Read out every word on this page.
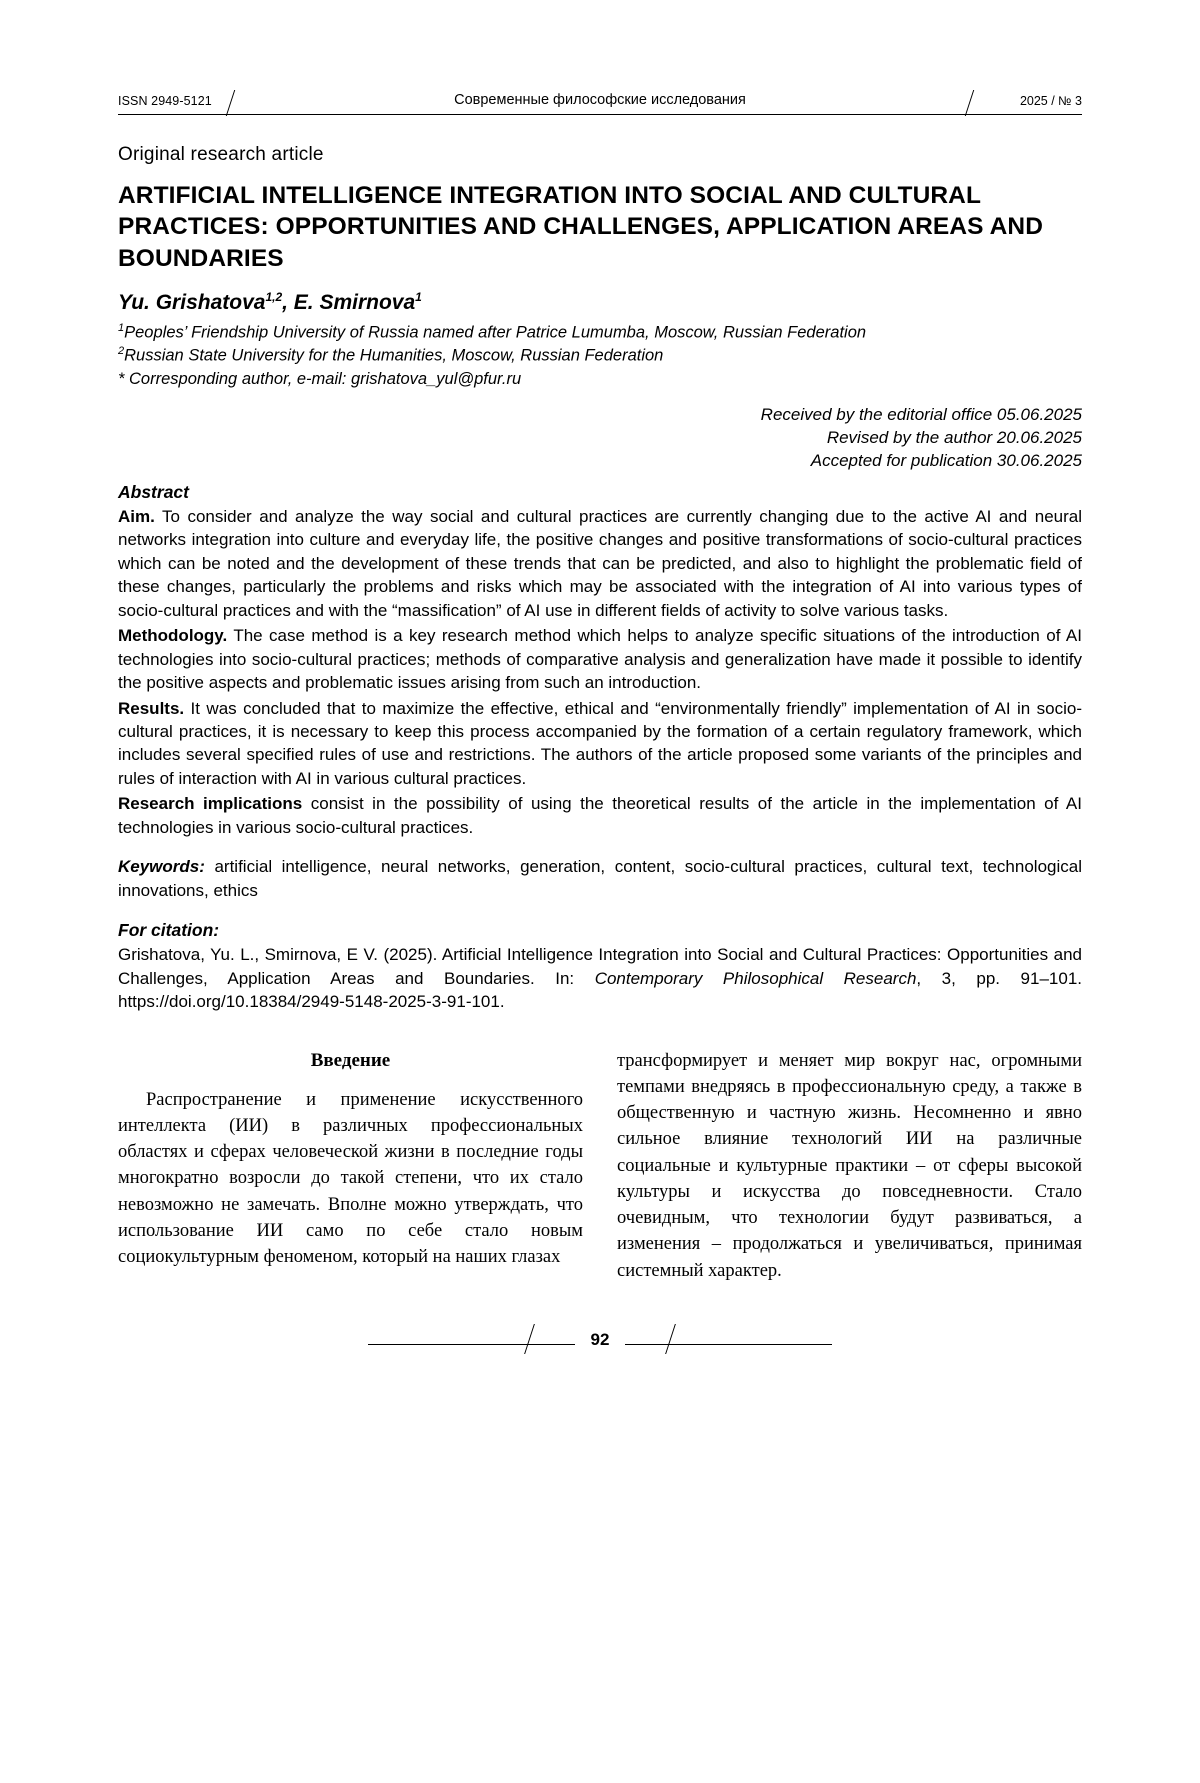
ISSN 2949-5121	Современные философские исследования	2025 / № 3
Original research article
ARTIFICIAL INTELLIGENCE INTEGRATION INTO SOCIAL AND CULTURAL PRACTICES: OPPORTUNITIES AND CHALLENGES, APPLICATION AREAS AND BOUNDARIES
Yu. Grishatova$^{1,2}$, E. Smirnova$^1$
$^1$Peoples’ Friendship University of Russia named after Patrice Lumumba, Moscow, Russian Federation
$^2$Russian State University for the Humanities, Moscow, Russian Federation
* Corresponding author, e-mail: grishatova_yul@pfur.ru
Received by the editorial office 05.06.2025
Revised by the author 20.06.2025
Accepted for publication 30.06.2025
Abstract

Aim. To consider and analyze the way social and cultural practices are currently changing due to the active AI and neural networks integration into culture and everyday life, the positive changes and positive transformations of socio-cultural practices which can be noted and the development of these trends that can be predicted, and also to highlight the problematic field of these changes, particularly the problems and risks which may be associated with the integration of AI into various types of socio-cultural practices and with the “massification” of AI use in different fields of activity to solve various tasks.

Methodology. The case method is a key research method which helps to analyze specific situations of the introduction of AI technologies into socio-cultural practices; methods of comparative analysis and generalization have made it possible to identify the positive aspects and problematic issues arising from such an introduction.

Results. It was concluded that to maximize the effective, ethical and “environmentally friendly” implementation of AI in socio-cultural practices, it is necessary to keep this process accompanied by the formation of a certain regulatory framework, which includes several specified rules of use and restrictions. The authors of the article proposed some variants of the principles and rules of interaction with AI in various cultural practices.

Research implications consist in the possibility of using the theoretical results of the article in the implementation of AI technologies in various socio-cultural practices.

Keywords: artificial intelligence, neural networks, generation, content, socio-cultural practices, cultural text, technological innovations, ethics

For citation:

Grishatova, Yu. L., Smirnova, E V. (2025). Artificial Intelligence Integration into Social and Cultural Practices: Opportunities and Challenges, Application Areas and Boundaries. In: Contemporary Philosophical Research, 3, pp. 91–101. https://doi.org/10.18384/2949-5148-2025-3-91-101.

Введение

Распространение и применение искусственного интеллекта (ИИ) в различных профессиональных областях и сферах человеческой жизни в последние годы многократно возросли до такой степени, что их стало невозможно не замечать. Вполне можно утверждать, что использование ИИ само по себе стало новым социокультурным феноменом, который на наших глазах

трансформирует и меняет мир вокруг нас, огромными темпами внедряясь в профессиональную среду, а также в общественную и частную жизнь. Несомненно и явно сильное влияние технологий ИИ на различные социальные и культурные практики – от сферы высокой культуры и искусства до повседневности. Стало очевидным, что технологии будут развиваться, а изменения – продолжаться и увеличиваться, принимая системный характер.

92
